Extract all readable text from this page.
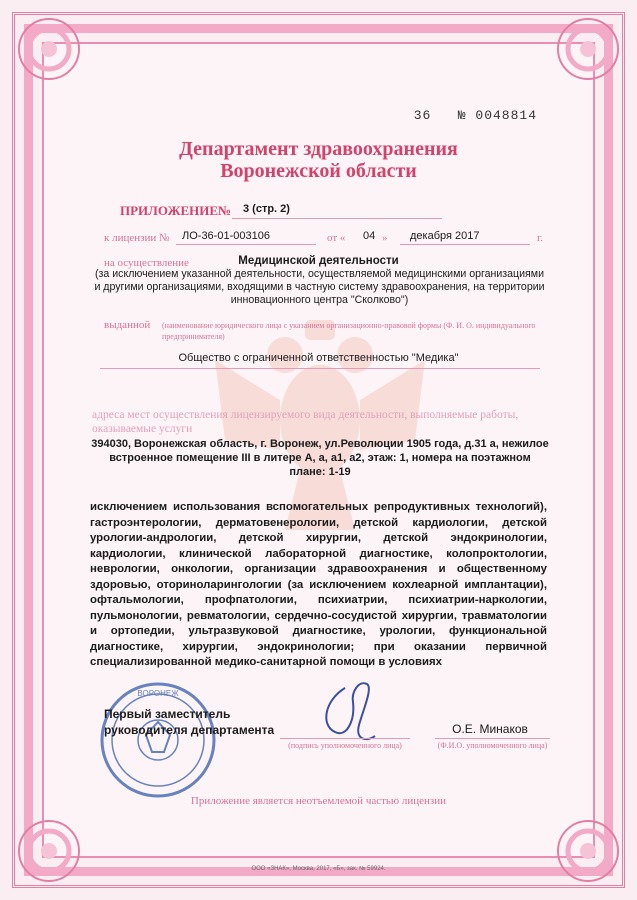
36 № 0048814
Департамент здравоохранения
Воронежской области
ПРИЛОЖЕНИЕ № 3 (стр. 2)
к лицензии № ЛО-36-01-003106	от « 04 » декабря 2017	г.
на осуществление	Медицинской деятельности
(за исключением указанной деятельности, осуществляемой медицинскими организациями и другими организациями, входящими в частную систему здравоохранения, на территории инновационного центра "Сколково")
выданной (наименование юридического лица с указанием организационно-правовой формы (Ф. И. О. индивидуального предпринимателя)
Общество с ограниченной ответственностью "Медика"
адреса мест осуществления лицензируемого вида деятельности, выполняемые работы, оказываемые услуги
394030, Воронежская область, г. Воронеж, ул.Революции 1905 года, д.31 а, нежилое встроенное помещение III в литере А, а, а1, а2, этаж: 1, номера на поэтажном плане: 1-19
исключением использования вспомогательных репродуктивных технологий), гастроэнтерологии, дерматовенерологии, детской кардиологии, детской урологии-андрологии, детской хирургии, детской эндокринологии, кардиологии, клинической лабораторной диагностике, колопроктологии, неврологии, онкологии, организации здравоохранения и общественному здоровью, оториноларингологии (за исключением кохлеарной имплантации), офтальмологии, профпатологии, психиатрии, психиатрии-наркологии, пульмонологии, ревматологии, сердечно-сосудистой хирургии, травматологии и ортопедии, ультразвуковой диагностике, урологии, функциональной диагностике, хирургии, эндокринологии; при оказании первичной специализированной медико-санитарной помощи в условиях
ВОРОНЕЖ
Первый заместитель
руководителя департамента
(подпись уполномоченного лица)
О.Е. Минаков
(Ф.И.О. уполномоченного лица)
Приложение является неотъемлемой частью лицензии
ООО «ЗНАК», Москва, 2017, «Б», зак. № 59924.
